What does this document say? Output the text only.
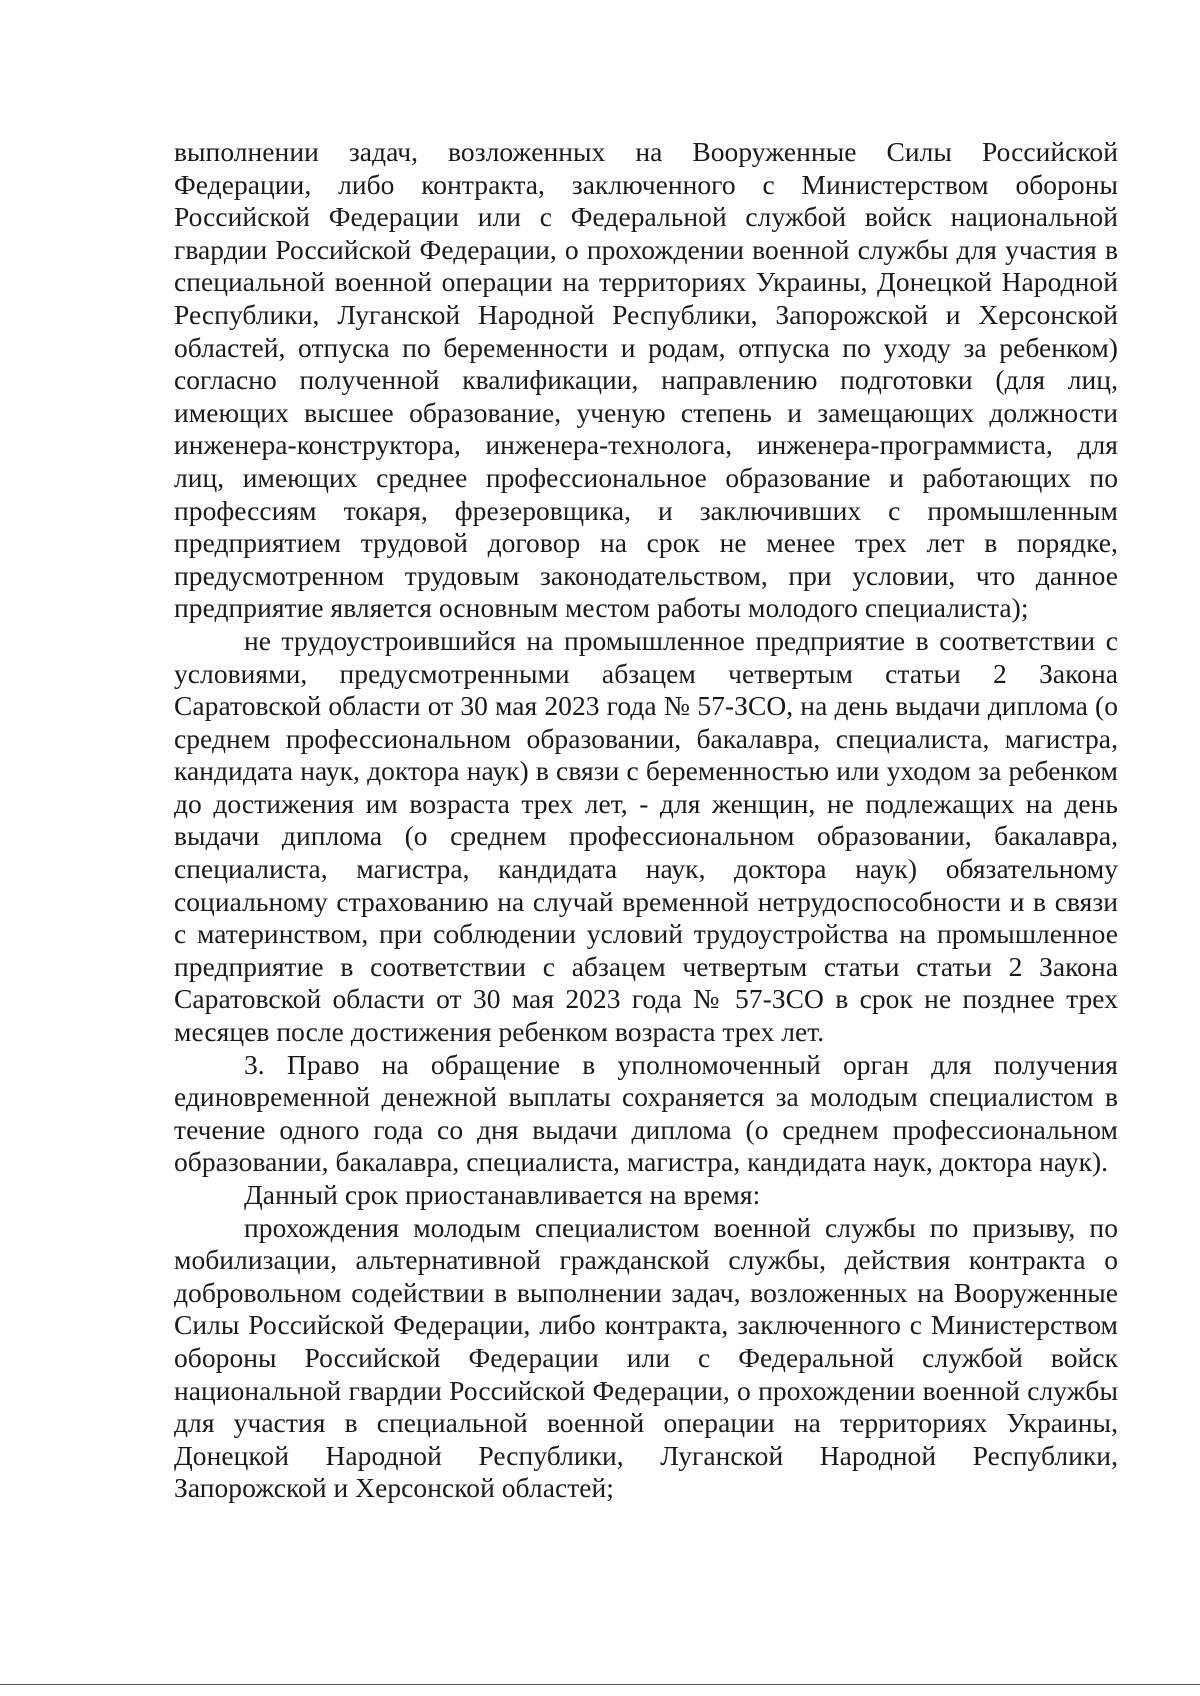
выполнении задач, возложенных на Вооруженные Силы Российской Федерации, либо контракта, заключенного с Министерством обороны Российской Федерации или с Федеральной службой войск национальной гвардии Российской Федерации, о прохождении военной службы для участия в специальной военной операции на территориях Украины, Донецкой Народной Республики, Луганской Народной Республики, Запорожской и Херсонской областей, отпуска по беременности и родам, отпуска по уходу за ребенком) согласно полученной квалификации, направлению подготовки (для лиц, имеющих высшее образование, ученую степень и замещающих должности инженера-конструктора, инженера-технолога, инженера-программиста, для лиц, имеющих среднее профессиональное образование и работающих по профессиям токаря, фрезеровщика, и заключивших с промышленным предприятием трудовой договор на срок не менее трех лет в порядке, предусмотренном трудовым законодательством, при условии, что данное предприятие является основным местом работы молодого специалиста);

не трудоустроившийся на промышленное предприятие в соответствии с условиями, предусмотренными абзацем четвертым статьи 2 Закона Саратовской области от 30 мая 2023 года № 57-ЗСО, на день выдачи диплома (о среднем профессиональном образовании, бакалавра, специалиста, магистра, кандидата наук, доктора наук) в связи с беременностью или уходом за ребенком до достижения им возраста трех лет, - для женщин, не подлежащих на день выдачи диплома (о среднем профессиональном образовании, бакалавра, специалиста, магистра, кандидата наук, доктора наук) обязательному социальному страхованию на случай временной нетрудоспособности и в связи с материнством, при соблюдении условий трудоустройства на промышленное предприятие в соответствии с абзацем четвертым статьи статьи 2 Закона Саратовской области от 30 мая 2023 года № 57-ЗСО в срок не позднее трех месяцев после достижения ребенком возраста трех лет.

3. Право на обращение в уполномоченный орган для получения единовременной денежной выплаты сохраняется за молодым специалистом в течение одного года со дня выдачи диплома (о среднем профессиональном образовании, бакалавра, специалиста, магистра, кандидата наук, доктора наук).

Данный срок приостанавливается на время:

прохождения молодым специалистом военной службы по призыву, по мобилизации, альтернативной гражданской службы, действия контракта о добровольном содействии в выполнении задач, возложенных на Вооруженные Силы Российской Федерации, либо контракта, заключенного с Министерством обороны Российской Федерации или с Федеральной службой войск национальной гвардии Российской Федерации, о прохождении военной службы для участия в специальной военной операции на территориях Украины, Донецкой Народной Республики, Луганской Народной Республики, Запорожской и Херсонской областей;
